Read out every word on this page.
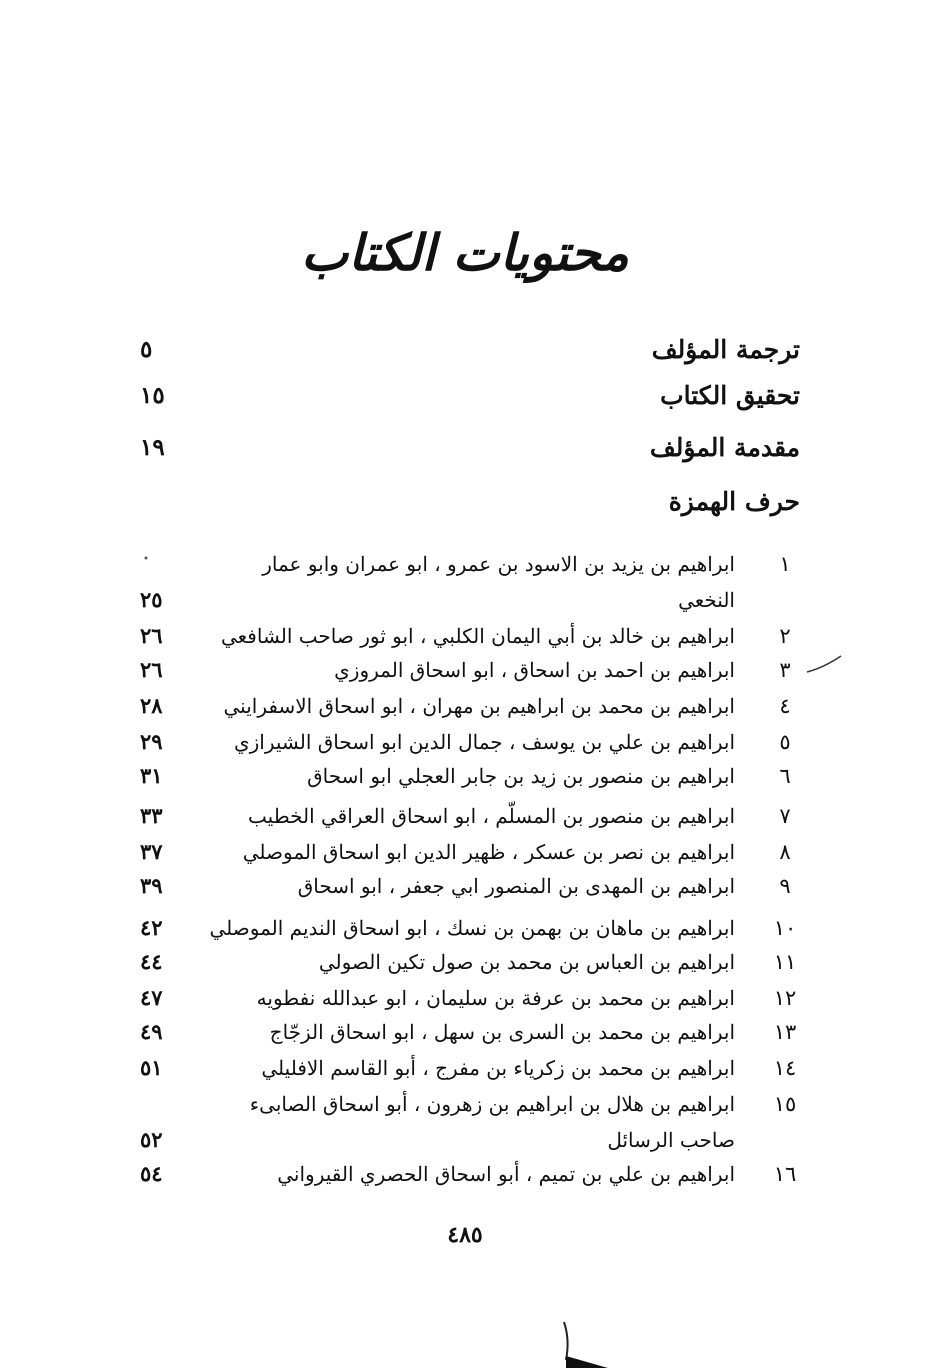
محتويات الكتاب
ترجمة المؤلف
٥
تحقيق الكتاب
١٥
مقدمة المؤلف
١٩
حرف الهمزة
١
ابراهيم بن يزيد بن الاسود بن عمرو ، ابو عمران وابو عمار النخعي
٢٥
٢
ابراهيم بن خالد بن أبي اليمان الكلبي ، ابو ثور صاحب الشافعي
٢٦
٣
ابراهيم بن احمد بن اسحاق ، ابو اسحاق المروزي
٢٦
٤
ابراهيم بن محمد بن ابراهيم بن مهران ، ابو اسحاق الاسفرايني
٢٨
٥
ابراهيم بن علي بن يوسف ، جمال الدين ابو اسحاق الشيرازي
٢٩
٦
ابراهيم بن منصور بن زيد بن جابر العجلي ابو اسحاق
٣١
٧
ابراهيم بن منصور بن المسلّم ، ابو اسحاق العراقي الخطيب
٣٣
٨
ابراهيم بن نصر بن عسكر ، ظهير الدين ابو اسحاق الموصلي
٣٧
٩
ابراهيم بن المهدى بن المنصور ابي جعفر ، ابو اسحاق
٣٩
١٠
ابراهيم بن ماهان بن بهمن بن نسك ، ابو اسحاق النديم الموصلي
٤٢
١١
ابراهيم بن العباس بن محمد بن صول تكين الصولي
٤٤
١٢
ابراهيم بن محمد بن عرفة بن سليمان ، ابو عبدالله نفطويه
٤٧
١٣
ابراهيم بن محمد بن السرى بن سهل ، ابو اسحاق الزجّاج
٤٩
١٤
ابراهيم بن محمد بن زكرياء بن مفرج ، أبو القاسم الافليلي
٥١
١٥
ابراهيم بن هلال بن ابراهيم بن زهرون ، أبو اسحاق الصابىء صاحب الرسائل
٥٢
١٦
ابراهيم بن علي بن تميم ، أبو اسحاق الحصري القيرواني
٥٤
٤٨٥
